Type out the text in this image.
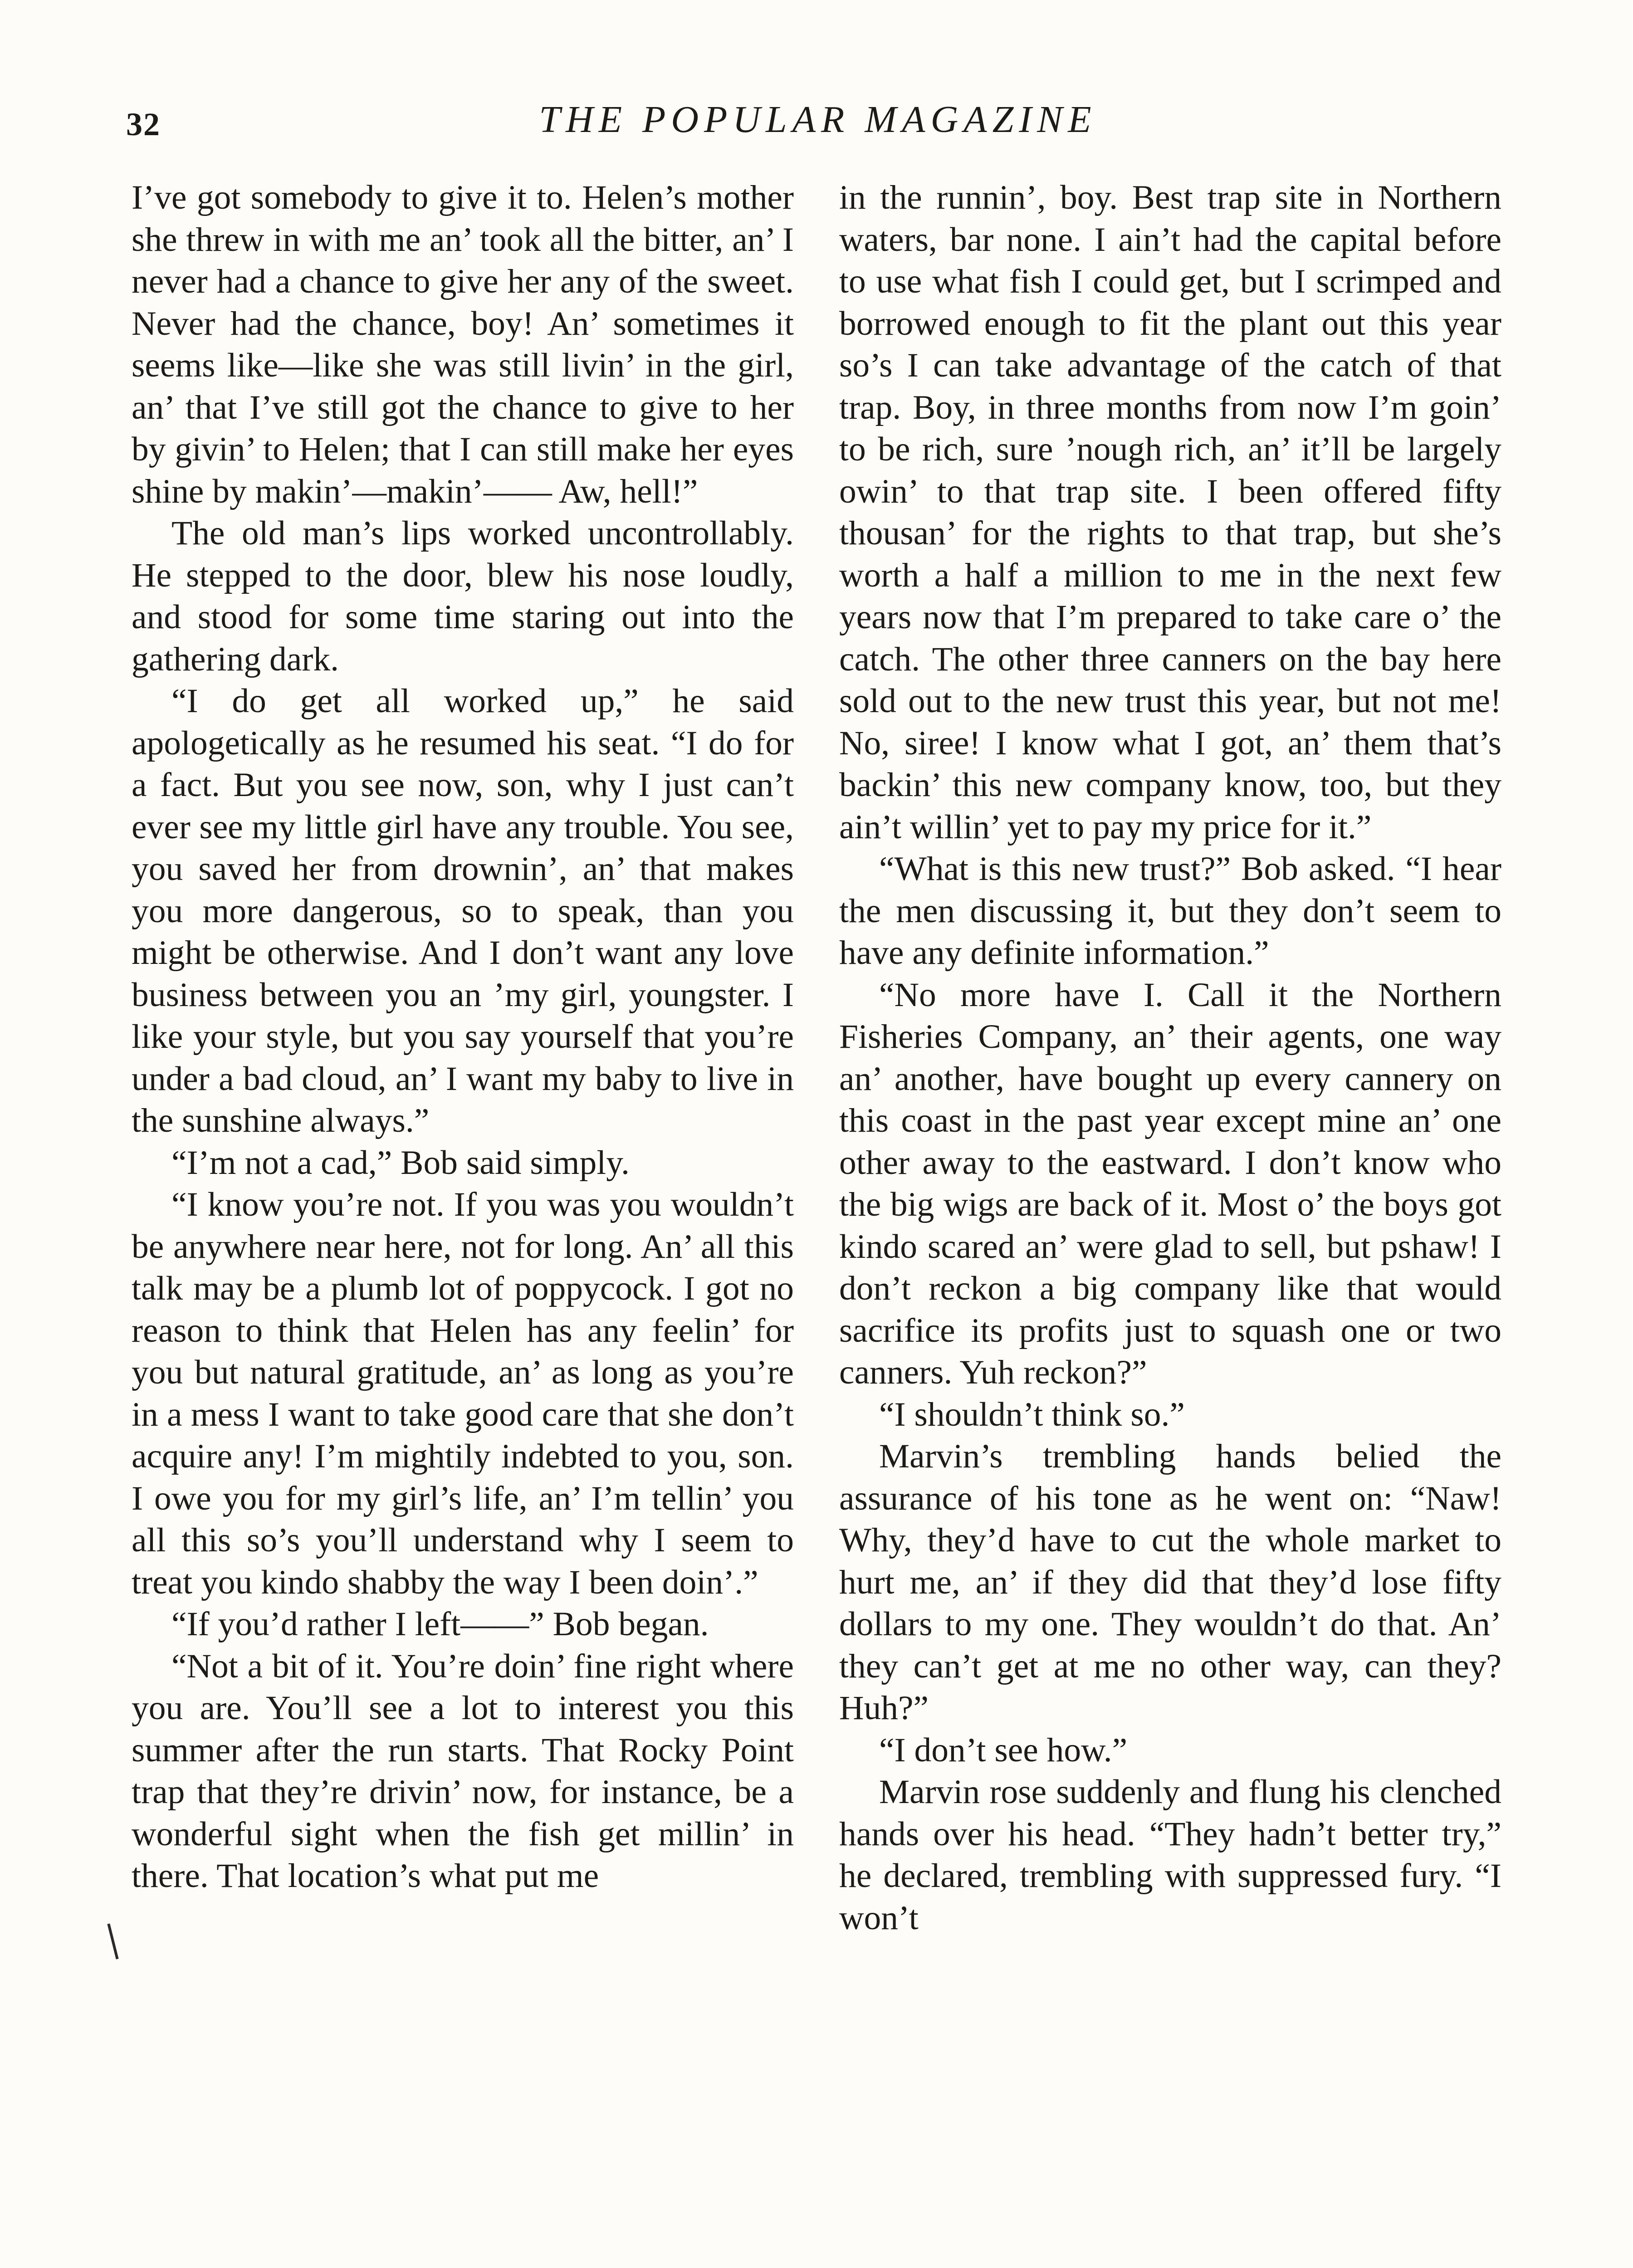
32	THE POPULAR MAGAZINE

I’ve got somebody to give it to. Helen’s mother she threw in with me an’ took all the bitter, an’ I never had a chance to give her any of the sweet. Never had the chance, boy! An’ sometimes it seems like—like she was still livin’ in the girl, an’ that I’ve still got the chance to give to her by givin’ to Helen; that I can still make her eyes shine by makin’—makin’—— Aw, hell!”

The old man’s lips worked uncontrollably. He stepped to the door, blew his nose loudly, and stood for some time staring out into the gathering dark.

“I do get all worked up,” he said apologetically as he resumed his seat. “I do for a fact. But you see now, son, why I just can’t ever see my little girl have any trouble. You see, you saved her from drownin’, an’ that makes you more dangerous, so to speak, than you might be otherwise. And I don’t want any love business between you an ’my girl, youngster. I like your style, but you say yourself that you’re under a bad cloud, an’ I want my baby to live in the sunshine always.”

“I’m not a cad,” Bob said simply.

“I know you’re not. If you was you wouldn’t be anywhere near here, not for long. An’ all this talk may be a plumb lot of poppycock. I got no reason to think that Helen has any feelin’ for you but natural gratitude, an’ as long as you’re in a mess I want to take good care that she don’t acquire any! I’m mightily indebted to you, son. I owe you for my girl’s life, an’ I’m tellin’ you all this so’s you’ll understand why I seem to treat you kindo shabby the way I been doin’.”

“If you’d rather I left——” Bob began.

“Not a bit of it. You’re doin’ fine right where you are. You’ll see a lot to interest you this summer after the run starts. That Rocky Point trap that they’re drivin’ now, for instance, be a wonderful sight when the fish get millin’ in there. That location’s what put me

in the runnin’, boy. Best trap site in Northern waters, bar none. I ain’t had the capital before to use what fish I could get, but I scrimped and borrowed enough to fit the plant out this year so’s I can take advantage of the catch of that trap. Boy, in three months from now I’m goin’ to be rich, sure ’nough rich, an’ it’ll be largely owin’ to that trap site. I been offered fifty thousan’ for the rights to that trap, but she’s worth a half a million to me in the next few years now that I’m prepared to take care o’ the catch. The other three canners on the bay here sold out to the new trust this year, but not me! No, siree! I know what I got, an’ them that’s backin’ this new company know, too, but they ain’t willin’ yet to pay my price for it.”

“What is this new trust?” Bob asked. “I hear the men discussing it, but they don’t seem to have any definite information.”

“No more have I. Call it the Northern Fisheries Company, an’ their agents, one way an’ another, have bought up every cannery on this coast in the past year except mine an’ one other away to the eastward. I don’t know who the big wigs are back of it. Most o’ the boys got kindo scared an’ were glad to sell, but pshaw! I don’t reckon a big company like that would sacrifice its profits just to squash one or two canners. Yuh reckon?”

“I shouldn’t think so.”

Marvin’s trembling hands belied the assurance of his tone as he went on: “Naw! Why, they’d have to cut the whole market to hurt me, an’ if they did that they’d lose fifty dollars to my one. They wouldn’t do that. An’ they can’t get at me no other way, can they? Huh?”

“I don’t see how.”

Marvin rose suddenly and flung his clenched hands over his head. “They hadn’t better try,” he declared, trembling with suppressed fury. “I won’t
